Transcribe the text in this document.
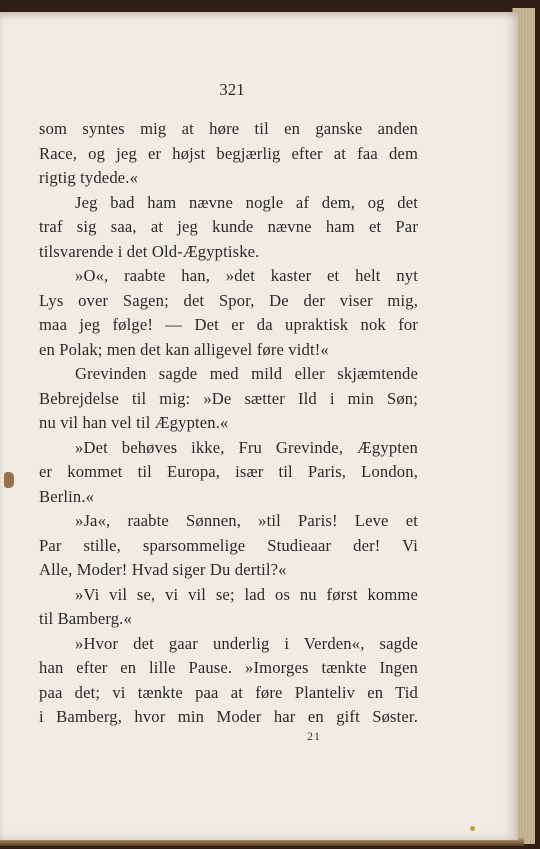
321
som syntes mig at høre til en ganske anden
Race, og jeg er højst begjærlig efter at faa dem
rigtig tydede.«
Jeg bad ham nævne nogle af dem, og det
traf sig saa, at jeg kunde nævne ham et Par
tilsvarende i det Old-Ægyptiske.
»O«, raabte han, »det kaster et helt nyt
Lys over Sagen; det Spor, De der viser mig,
maa jeg følge! — Det er da upraktisk nok for
en Polak; men det kan alligevel føre vidt!«
Grevinden sagde med mild eller skjæmtende
Bebrejdelse til mig: »De sætter Ild i min Søn;
nu vil han vel til Ægypten.«
»Det behøves ikke, Fru Grevinde, Ægypten
er kommet til Europa, især til Paris, London,
Berlin.«
»Ja«, raabte Sønnen, »til Paris! Leve et
Par stille, sparsommelige Studieaar der! Vi
Alle, Moder! Hvad siger Du dertil?«
»Vi vil se, vi vil se; lad os nu først komme
til Bamberg.«
»Hvor det gaar underlig i Verden«, sagde
han efter en lille Pause. »Imorges tænkte Ingen
paa det; vi tænkte paa at føre Planteliv en Tid
i Bamberg, hvor min Moder har en gift Søster.
21
